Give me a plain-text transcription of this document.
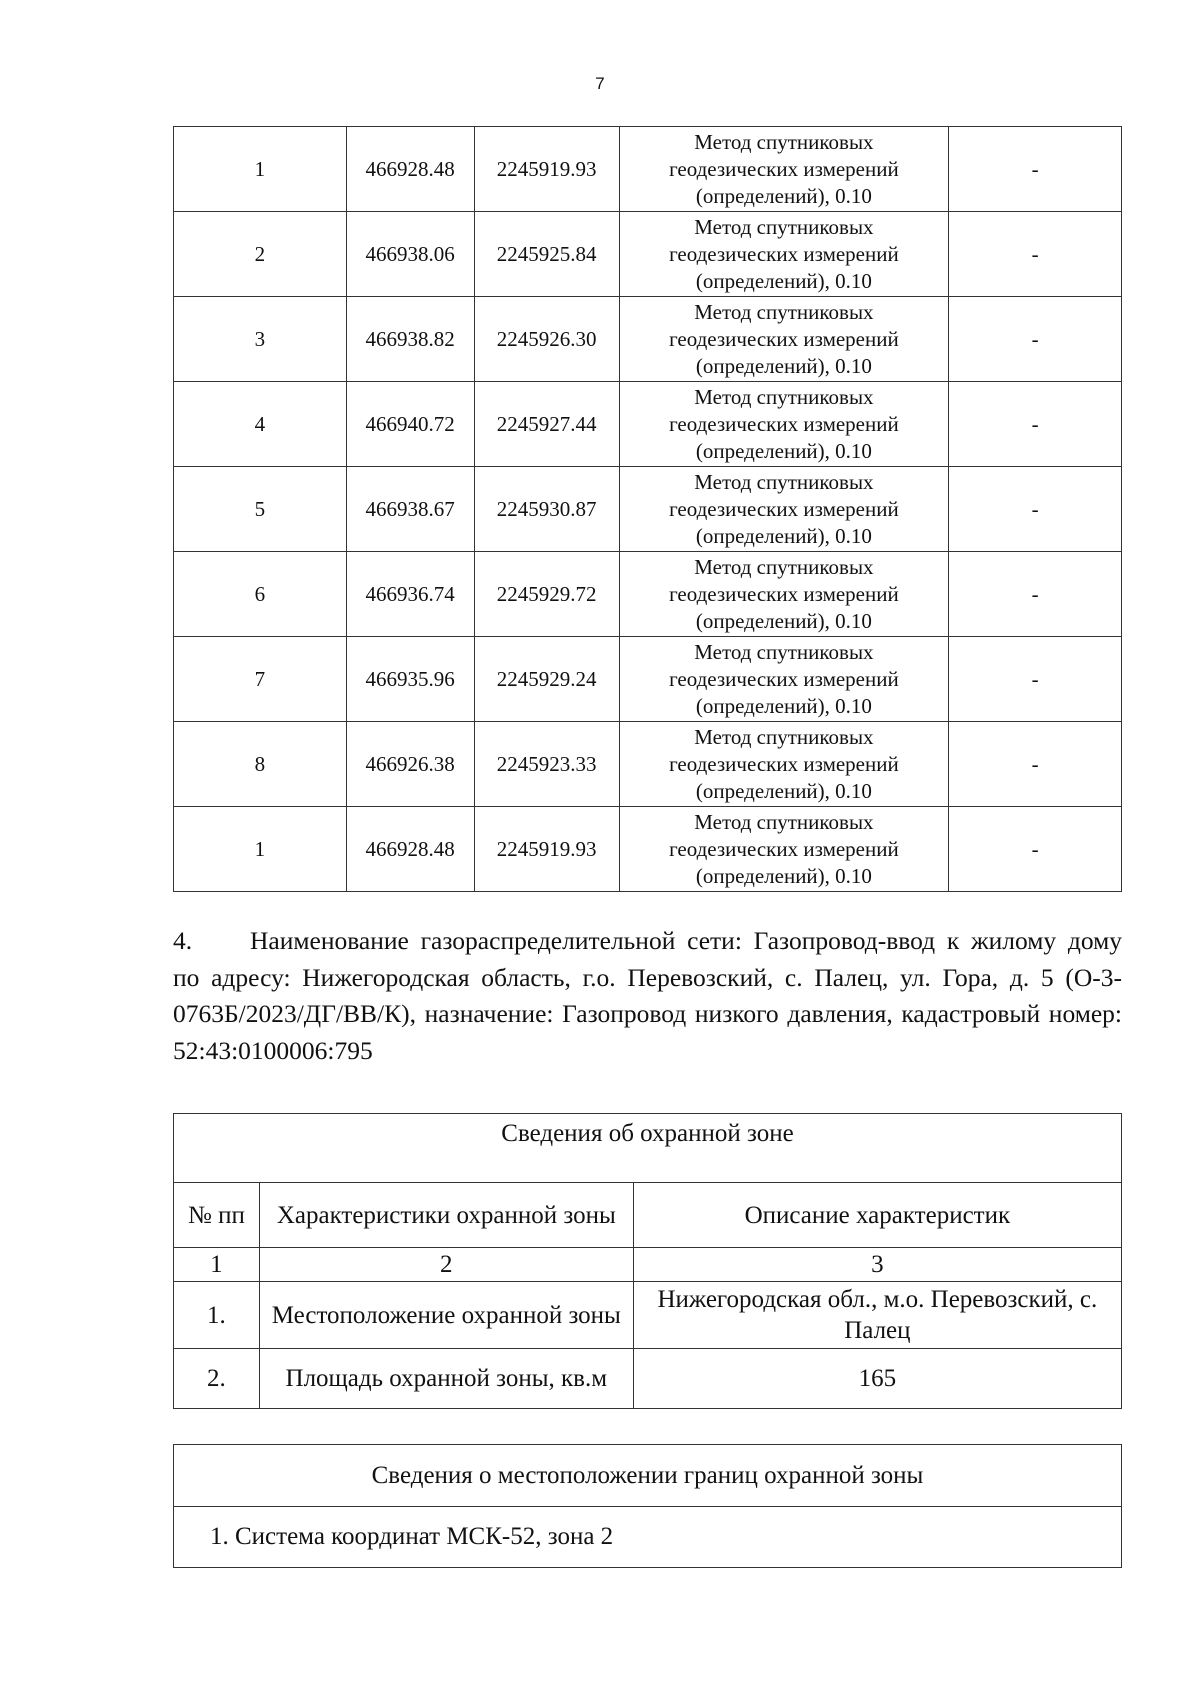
7
1	466928.48	2245919.93	Метод спутниковых
геодезических измерений
(определений), 0.10	-
2	466938.06	2245925.84	Метод спутниковых
геодезических измерений
(определений), 0.10	-
3	466938.82	2245926.30	Метод спутниковых
геодезических измерений
(определений), 0.10	-
4	466940.72	2245927.44	Метод спутниковых
геодезических измерений
(определений), 0.10	-
5	466938.67	2245930.87	Метод спутниковых
геодезических измерений
(определений), 0.10	-
6	466936.74	2245929.72	Метод спутниковых
геодезических измерений
(определений), 0.10	-
7	466935.96	2245929.24	Метод спутниковых
геодезических измерений
(определений), 0.10	-
8	466926.38	2245923.33	Метод спутниковых
геодезических измерений
(определений), 0.10	-
1	466928.48	2245919.93	Метод спутниковых
геодезических измерений
(определений), 0.10	-
4. Наименование газораспределительной сети: Газопровод-ввод к жилому дому по адресу: Нижегородская область, г.о. Перевозский, с. Палец, ул. Гора, д. 5 (О-3-0763Б/2023/ДГ/ВВ/К), назначение: Газопровод низкого давления, кадастровый номер: 52:43:0100006:795
Сведения об охранной зоне		
№ пп	Характеристики охранной зоны	Описание характеристик
1	2	3
1.	Местоположение охранной зоны	Нижегородская обл., м.о. Перевозский, с. Палец
2.	Площадь охранной зоны, кв.м	165
Сведения о местоположении границ охранной зоны
1. Система координат МСК-52, зона 2
